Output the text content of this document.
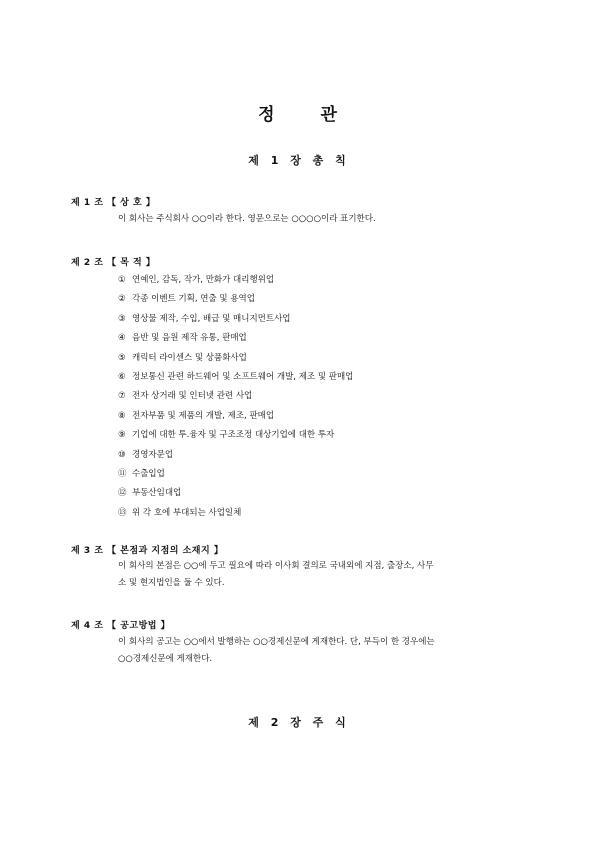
정 관
제 1 장 총 칙
제 1 조 【 상 호 】
이 회사는 주식회사 ○○이라 한다. 영문으로는 ○○○○이라 표기한다.
제 2 조 【 목 적 】
① 연예인, 감독, 작가, 만화가 대리행위업
② 각종 이벤트 기획, 연출 및 용역업
③ 영상물 제작, 수입, 배급 및 매니지먼트사업
④ 음반 및 음원 제작 유통, 판매업
⑤ 캐릭터 라이센스 및 상품화사업
⑥ 정보통신 관련 하드웨어 및 소프트웨어 개발, 제조 및 판매업
⑦ 전자 상거래 및 인터넷 관련 사업
⑧ 전자부품 및 제품의 개발, 제조, 판매업
⑨ 기업에 대한 투.융자 및 구조조정 대상기업에 대한 투자
⑩ 경영자문업
⑪ 수출입업
⑫ 부동산임대업
⑬ 위 각 호에 부대되는 사업일체
제 3 조 【 본점과 지점의 소재지 】
이 회사의 본점은 ○○에 두고 필요에 따라 이사회 결의로 국내외에 지점, 출장소, 사무
소 및 현지법인을 둘 수 있다.
제 4 조 【 공고방법 】
이 회사의 공고는 ○○에서 발행하는 ○○경제신문에 게재한다. 단, 부득이 한 경우에는
○○경제신문에 게재한다.
제 2 장 주 식
